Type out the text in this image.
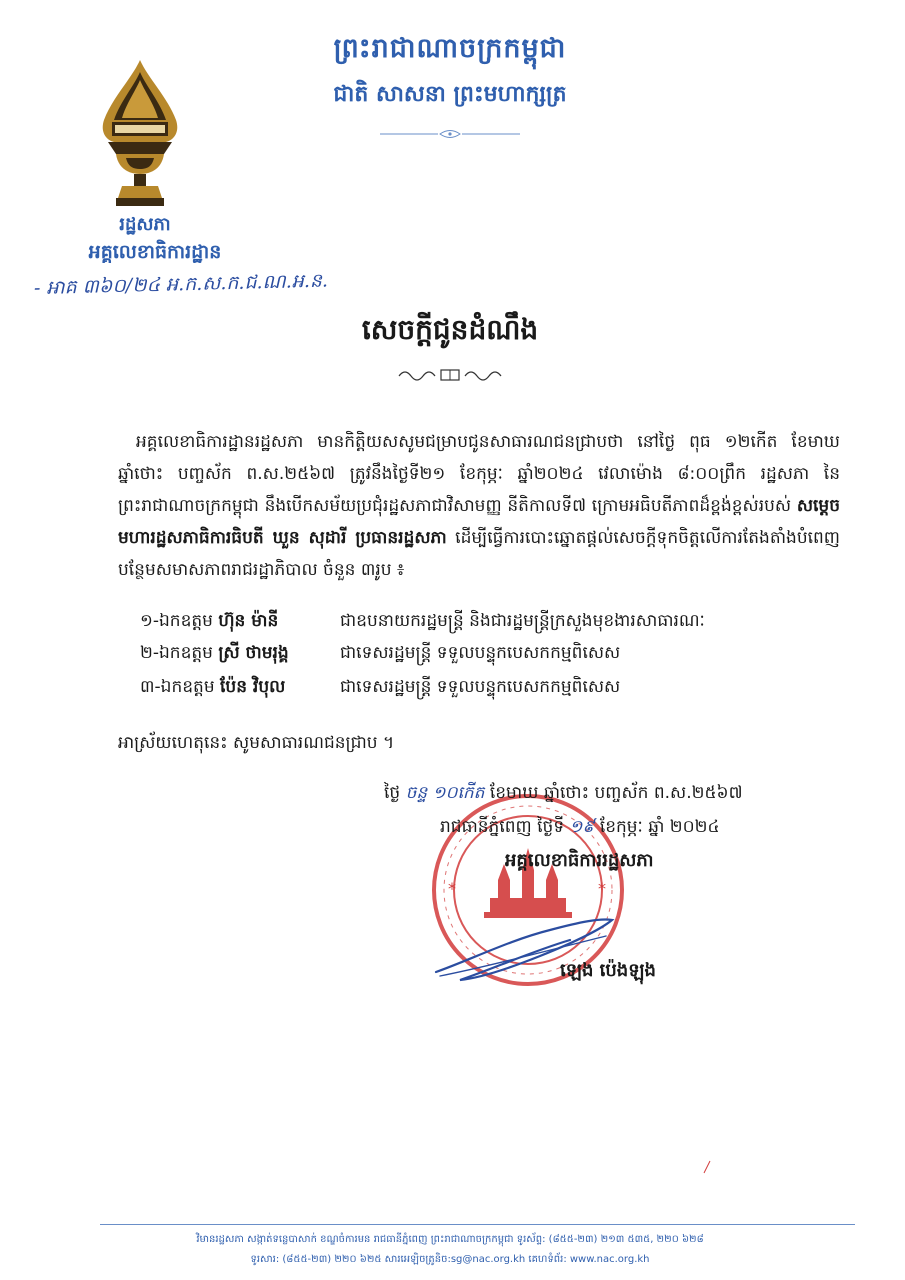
ព្រះរាជាណាចក្រកម្ពុជា
ជាតិ សាសនា ព្រះមហាក្សត្រ
រដ្ឋសភា
អគ្គលេខាធិការដ្ឋាន
- អាគ ៣៦០/២៤ អ.ក.ស.ក.ជ.ណ.អ.ន.
សេចក្តីជូនដំណឹង
អគ្គលេខាធិការដ្ឋានរដ្ឋសភា មានកិត្តិយសសូមជម្រាបជូនសាធារណជនជ្រាបថា នៅថ្ងៃ ពុធ ១២កើត ខែមាឃ ឆ្នាំថោះ បញ្ចស័ក ព.ស.២៥៦៧ ត្រូវនឹងថ្ងៃទី២១ ខែកុម្ភៈ ឆ្នាំ២០២៤ វេលាម៉ោង ៨:០០ព្រឹក រដ្ឋសភា នៃព្រះរាជាណាចក្រកម្ពុជា នឹងបើកសម័យប្រជុំរដ្ឋសភាជាវិសាមញ្ញ នីតិកាលទី៧ ក្រោមអធិបតីភាពដ៏ខ្ពង់ខ្ពស់របស់ សម្តេចមហារដ្ឋសភាធិការធិបតី ឃួន សុដារី ប្រធានរដ្ឋសភា ដើម្បីធ្វើការបោះឆ្នោតផ្តល់សេចក្តីទុកចិត្តលើការតែងតាំងបំពេញបន្ថែមសមាសភាពរាជរដ្ឋាភិបាល ចំនួន ៣រូប ៖
១-ឯកឧត្តម ហ៊ុន ម៉ានី	ជាឧបនាយករដ្ឋមន្ត្រី និងជារដ្ឋមន្ត្រីក្រសួងមុខងារសាធារណៈ
២-ឯកឧត្តម ស្រី ថាមរុង្គ	ជាទេសរដ្ឋមន្ត្រី ទទួលបន្ទុកបេសកកម្មពិសេស
៣-ឯកឧត្តម ប៉ែន វិបុល	ជាទេសរដ្ឋមន្ត្រី ទទួលបន្ទុកបេសកកម្មពិសេស
អាស្រ័យហេតុនេះ សូមសាធារណជនជ្រាប ។
*	*
ថ្ងៃ ចន្ទ ១០កើត ខែមាឃ ឆ្នាំថោះ បញ្ចស័ក ព.ស.២៥៦៧
រាជធានីភ្នំពេញ ថ្ងៃទី ១៩ ខែកុម្ភៈ ឆ្នាំ ២០២៤
អគ្គលេខាធិការរដ្ឋសភា
ឡេង ប៉េងឡុង
វិមានរដ្ឋសភា សង្កាត់ទន្លេបាសាក់ ខណ្ឌចំការមន រាជធានីភ្នំពេញ ព្រះរាជាណាចក្រកម្ពុជា ទូរស័ព្ទ: (៨៥៥-២៣) ២១៣ ៥៣៥, ២២០ ៦២៨
ទូរសារ: (៨៥៥-២៣) ២២០ ៦២៥ សារអេឡិចត្រូនិច:sg@nac.org.kh គេហទំព័រ: www.nac.org.kh
